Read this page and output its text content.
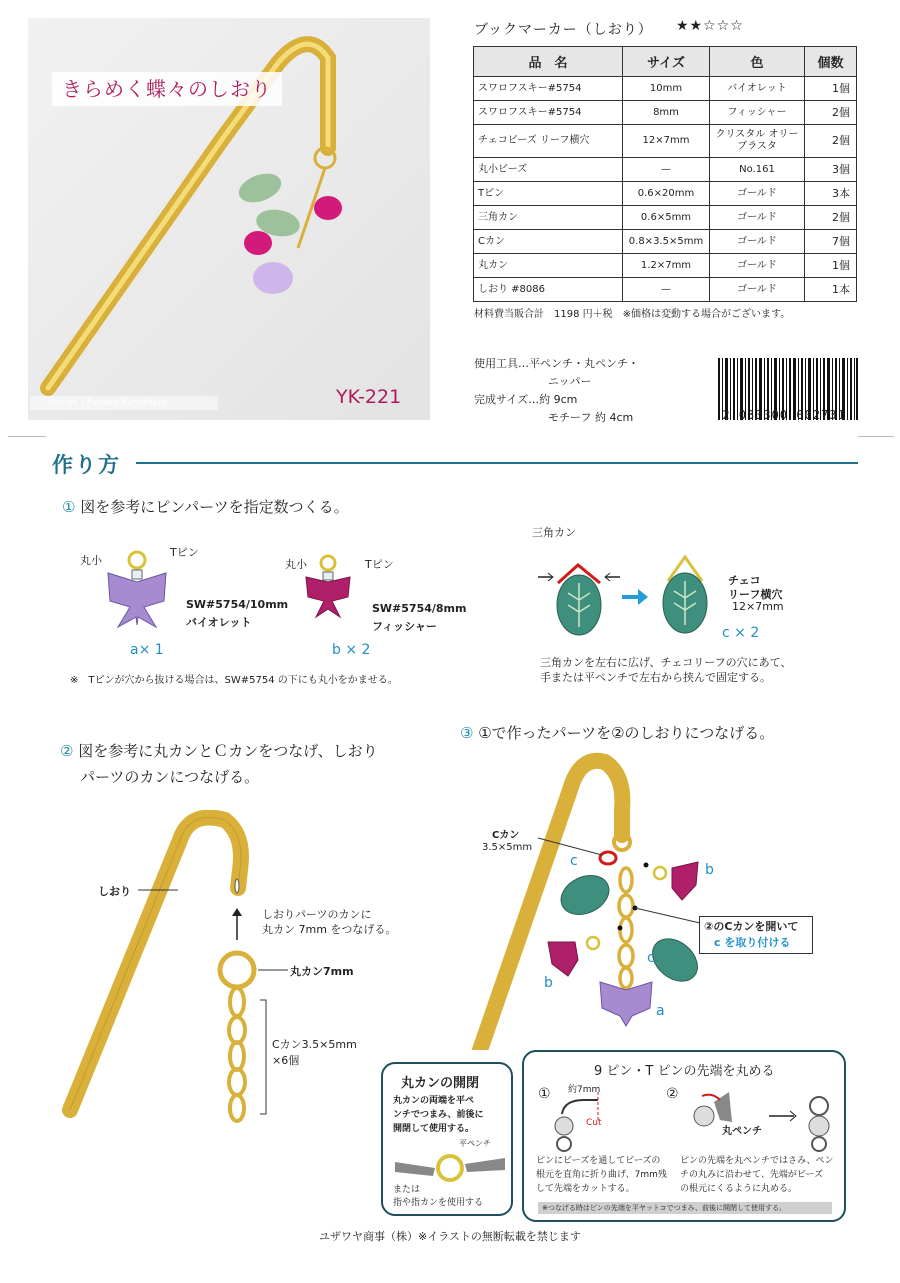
きらめく蝶々のしおり
design : Fumiko Kumahara	YK-221
ブックマーカー（しおり） ★★☆☆☆
品　名	サイズ	色	個数
スワロフスキー#5754	10mm	バイオレット	1個
スワロフスキー#5754	8mm	フィッシャー	2個
チェコビーズ リーフ横穴	12×7mm	クリスタル オリーブラスタ	2個
丸小ビーズ	—	No.161	3個
Tピン	0.6×20mm	ゴールド	3本
三角カン	0.6×5mm	ゴールド	2個
Cカン	0.8×3.5×5mm	ゴールド	7個
丸カン	1.2×7mm	ゴールド	1個
しおり #8086	—	ゴールド	1本
材料費当販合計　1198 円＋税　※価格は変動する場合がございます。
使用工具…平ペンチ・丸ペンチ・
ニッパー
完成サイズ…約 9cm
モチーフ 約 4cm	2 033300 002731
作り方
① 図を参考にピンパーツを指定数つくる。
丸小
Tピン
SW#5754/10mm
バイオレット
a× 1
丸小	Tピン
SW#5754/8mm
フィッシャー
b × 2
※　Tピンが穴から抜ける場合は、SW#5754 の下にも丸小をかませる。
三角カン
チェコ
リーフ横穴
12×7mm
c × 2
三角カンを左右に広げ、チェコリーフの穴にあて、
手または平ペンチで左右から挟んで固定する。
② 図を参考に丸カンとＣカンをつなげ、しおり
パーツのカンにつなげる。
しおり
しおりパーツのカンに
丸カン 7mm をつなげる。
丸カン7mm
Cカン3.5×5mm
×6個
③ ①で作ったパーツを②のしおりにつなげる。
Cカン
3.5×5mm
②のCカンを開いて
c を取り付ける
c
b
c
b
a
丸カンの開閉
丸カンの両端を平ペ
ンチでつまみ、前後に
開閉して使用する。
平ペンチ
または
指や指カンを使用する
9 ピン・T ピンの先端を丸める
①	②
約7mm
Cut
丸ペンチ
ピンにビーズを通してビーズの
根元を直角に折り曲げ、7mm残
して先端をカットする。
ピンの先端を丸ペンチではさみ、ペン
チの丸みに沿わせて、先端がビーズ
の根元にくるように丸める。
※つなげる時はピンの先端を平ヤットコでつまみ、前後に開閉して使用する。
ユザワヤ商事（株）※イラストの無断転載を禁じます
